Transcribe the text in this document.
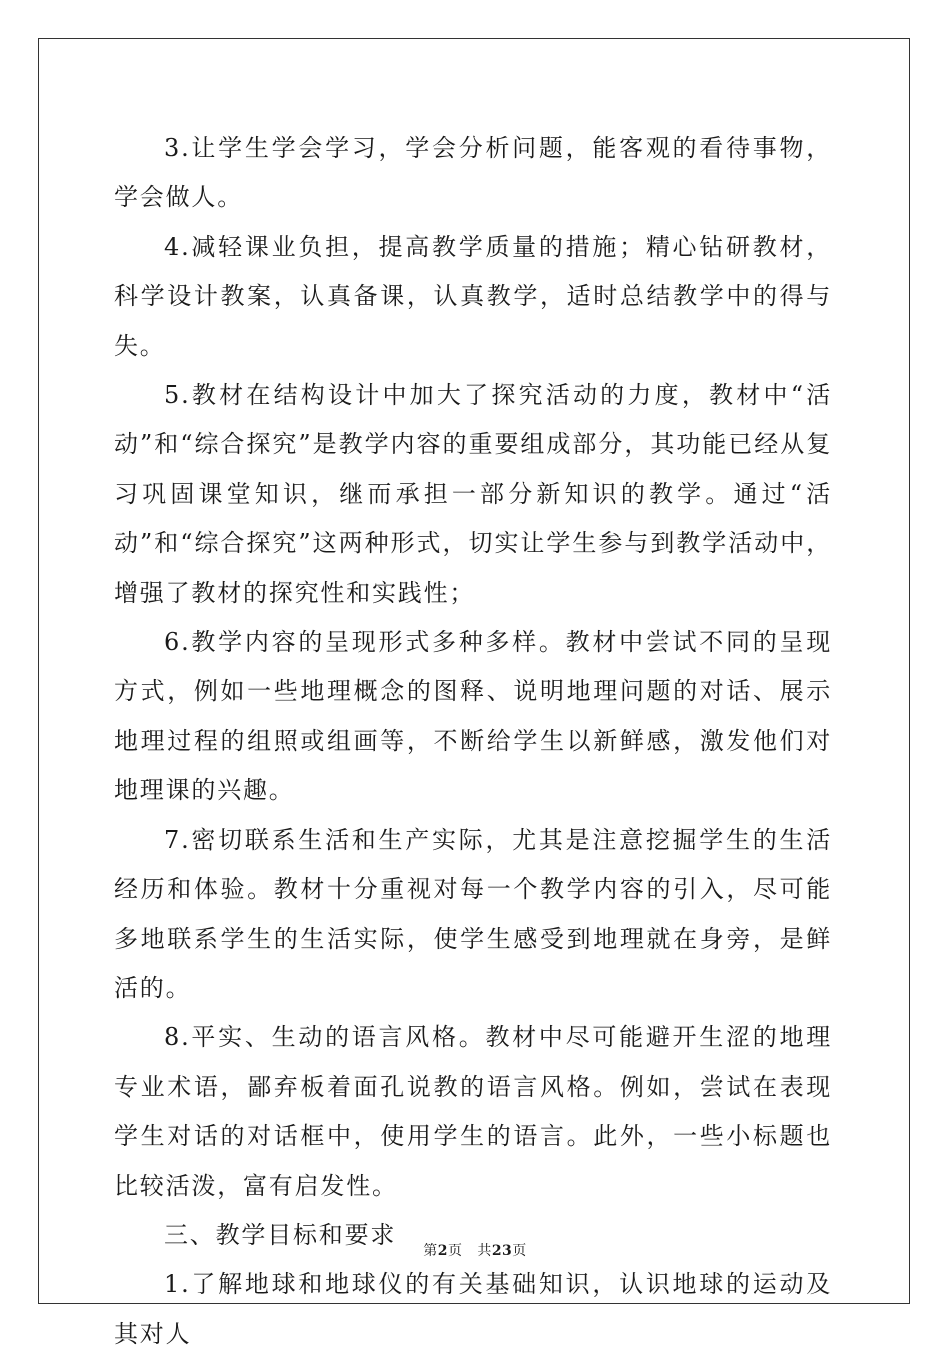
3.让学生学会学习，学会分析问题，能客观的看待事物，学会做人。

4.减轻课业负担，提高教学质量的措施；精心钻研教材，科学设计教案，认真备课，认真教学，适时总结教学中的得与失。

5.教材在结构设计中加大了探究活动的力度，教材中“活动”和“综合探究”是教学内容的重要组成部分，其功能已经从复习巩固课堂知识，继而承担一部分新知识的教学。通过“活动”和“综合探究”这两种形式，切实让学生参与到教学活动中，增强了教材的探究性和实践性；

6.教学内容的呈现形式多种多样。教材中尝试不同的呈现方式，例如一些地理概念的图释、说明地理问题的对话、展示地理过程的组照或组画等，不断给学生以新鲜感，激发他们对地理课的兴趣。

7.密切联系生活和生产实际，尤其是注意挖掘学生的生活经历和体验。教材十分重视对每一个教学内容的引入，尽可能多地联系学生的生活实际，使学生感受到地理就在身旁，是鲜活的。

8.平实、生动的语言风格。教材中尽可能避开生涩的地理专业术语，鄙弃板着面孔说教的语言风格。例如，尝试在表现学生对话的对话框中，使用学生的语言。此外，一些小标题也比较活泼，富有启发性。

三、教学目标和要求

1.了解地球和地球仪的有关基础知识，认识地球的运动及其对人

第2页 共23页
